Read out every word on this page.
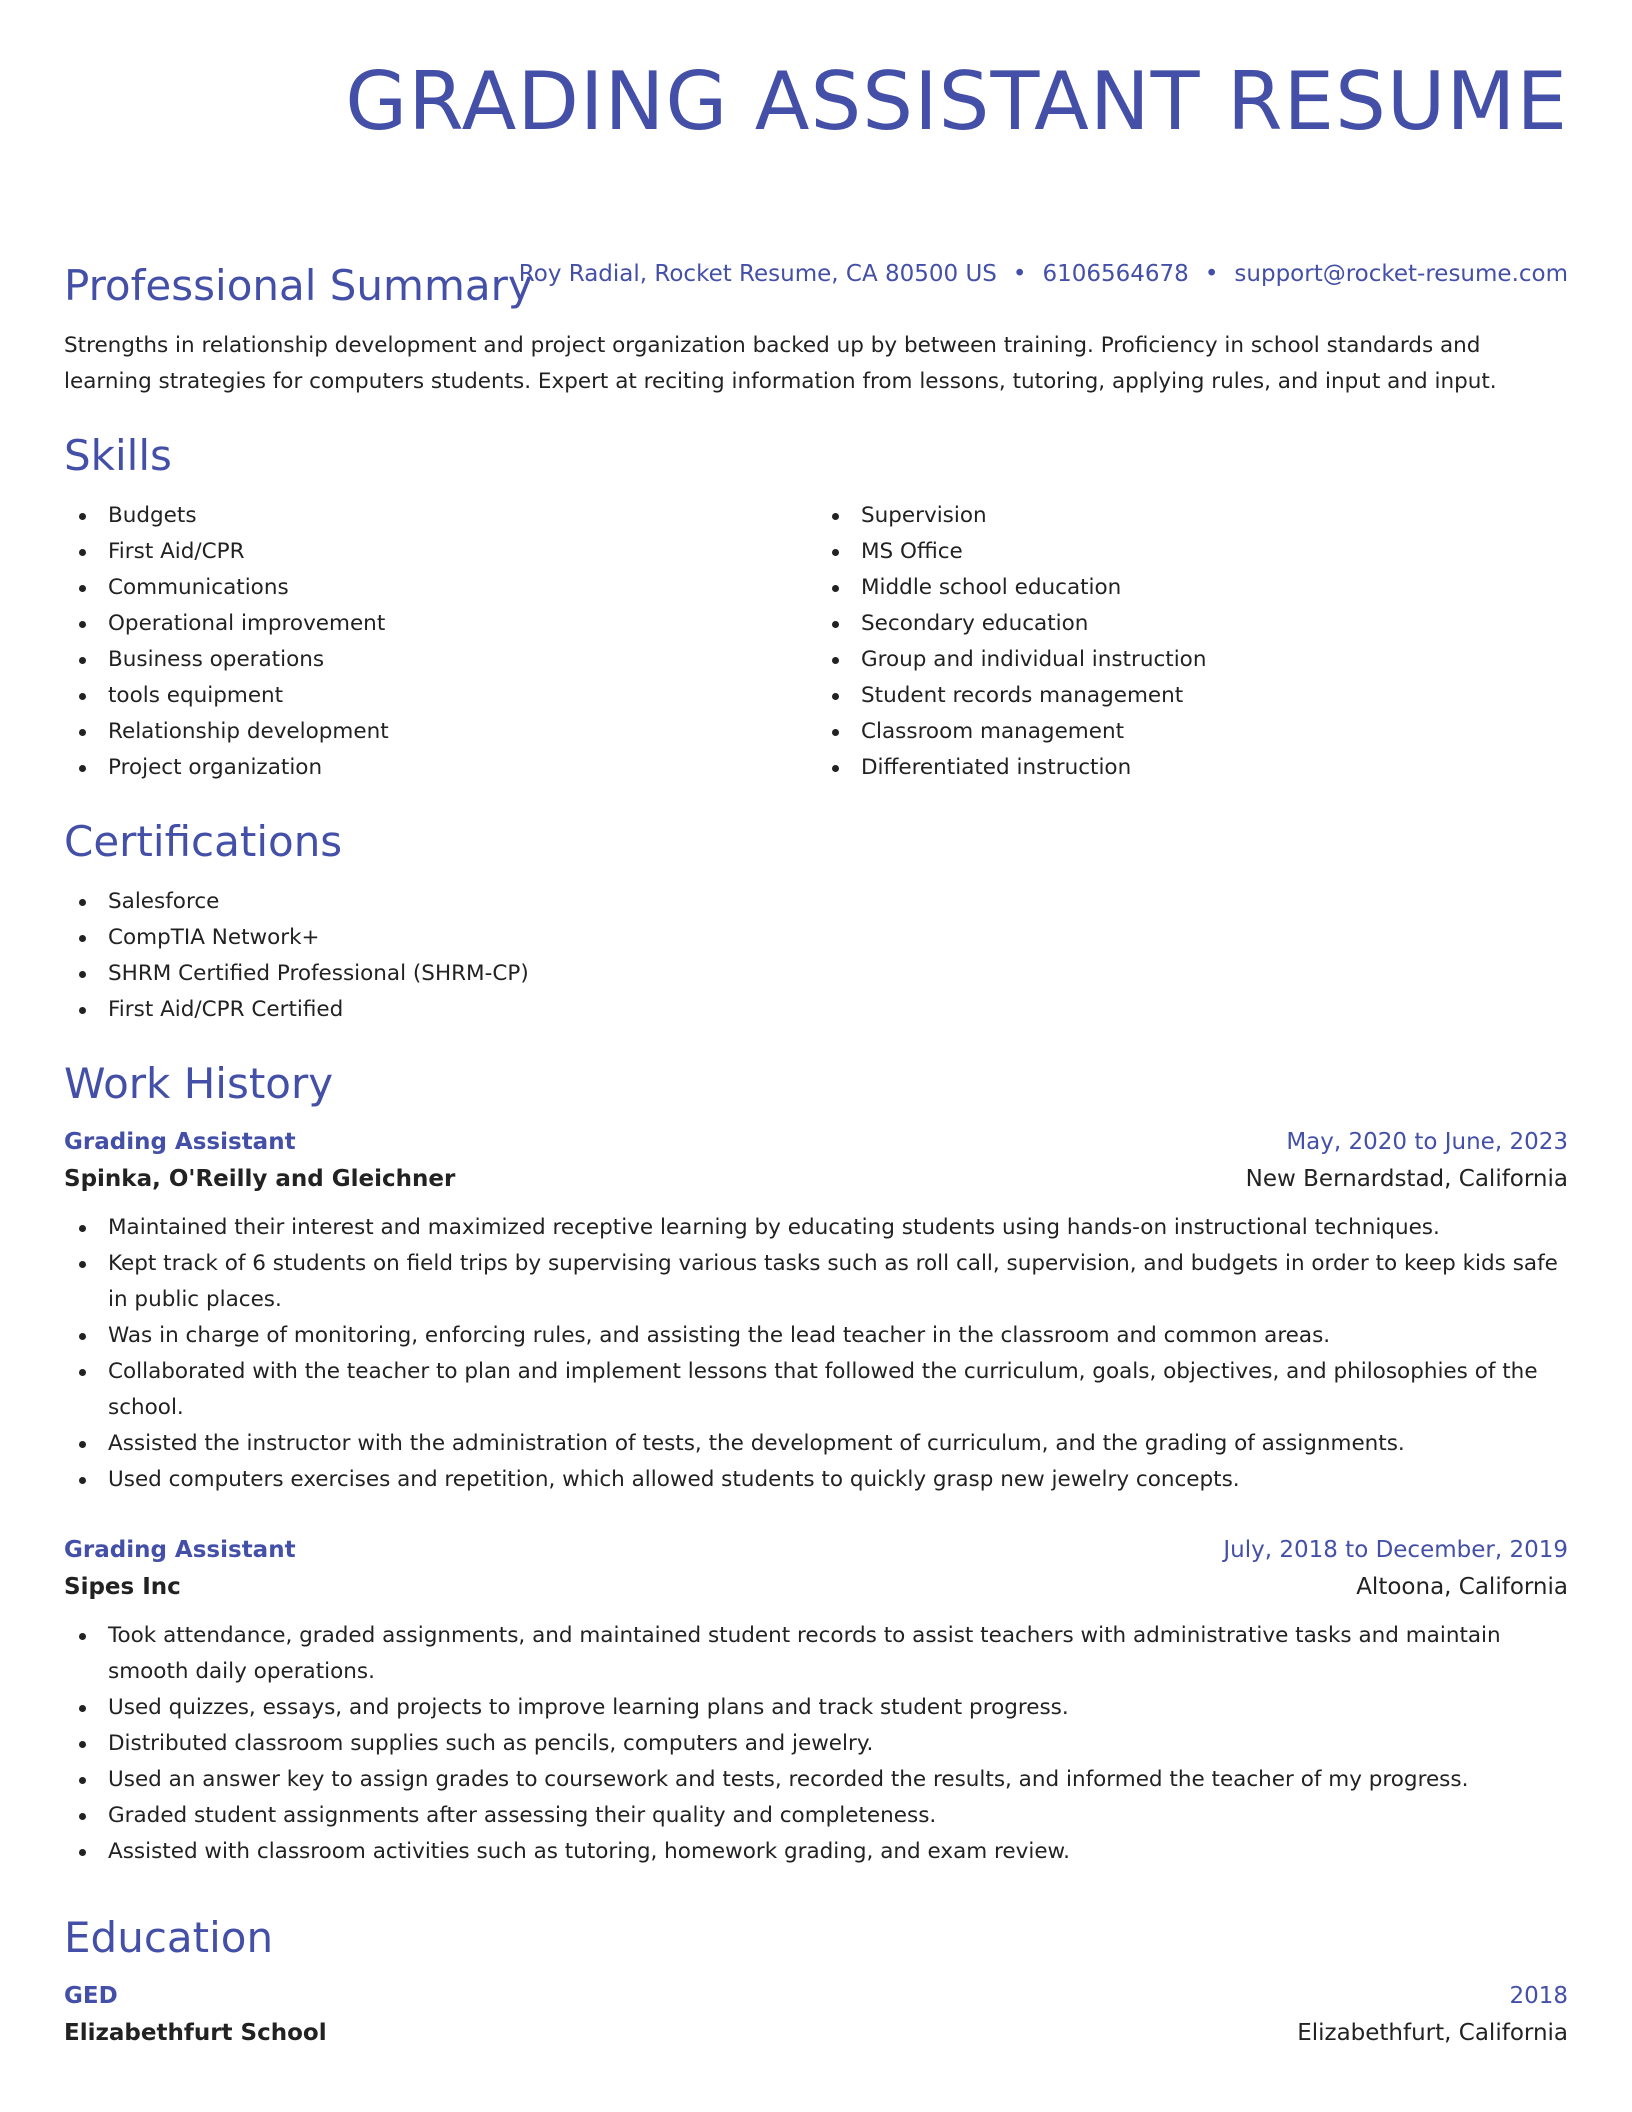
GRADING ASSISTANT RESUME
Roy Radial, Rocket Resume, CA 80500 US • 6106564678 • support@rocket-resume.com
Professional Summary
Strengths in relationship development and project organization backed up by between training. Proficiency in school standards and learning strategies for computers students. Expert at reciting information from lessons, tutoring, applying rules, and input and input.
Skills
Budgets
First Aid/CPR
Communications
Operational improvement
Business operations
tools equipment
Relationship development
Project organization
Supervision
MS Office
Middle school education
Secondary education
Group and individual instruction
Student records management
Classroom management
Differentiated instruction
Certifications
Salesforce
CompTIA Network+
SHRM Certified Professional (SHRM-CP)
First Aid/CPR Certified
Work History
Grading Assistant	May, 2020 to June, 2023
Spinka, O'Reilly and Gleichner	New Bernardstad, California
Maintained their interest and maximized receptive learning by educating students using hands-on instructional techniques.
Kept track of 6 students on field trips by supervising various tasks such as roll call, supervision, and budgets in order to keep kids safe in public places.
Was in charge of monitoring, enforcing rules, and assisting the lead teacher in the classroom and common areas.
Collaborated with the teacher to plan and implement lessons that followed the curriculum, goals, objectives, and philosophies of the school.
Assisted the instructor with the administration of tests, the development of curriculum, and the grading of assignments.
Used computers exercises and repetition, which allowed students to quickly grasp new jewelry concepts.
Grading Assistant	July, 2018 to December, 2019
Sipes Inc	Altoona, California
Took attendance, graded assignments, and maintained student records to assist teachers with administrative tasks and maintain smooth daily operations.
Used quizzes, essays, and projects to improve learning plans and track student progress.
Distributed classroom supplies such as pencils, computers and jewelry.
Used an answer key to assign grades to coursework and tests, recorded the results, and informed the teacher of my progress.
Graded student assignments after assessing their quality and completeness.
Assisted with classroom activities such as tutoring, homework grading, and exam review.
Education
GED	2018
Elizabethfurt School	Elizabethfurt, California
